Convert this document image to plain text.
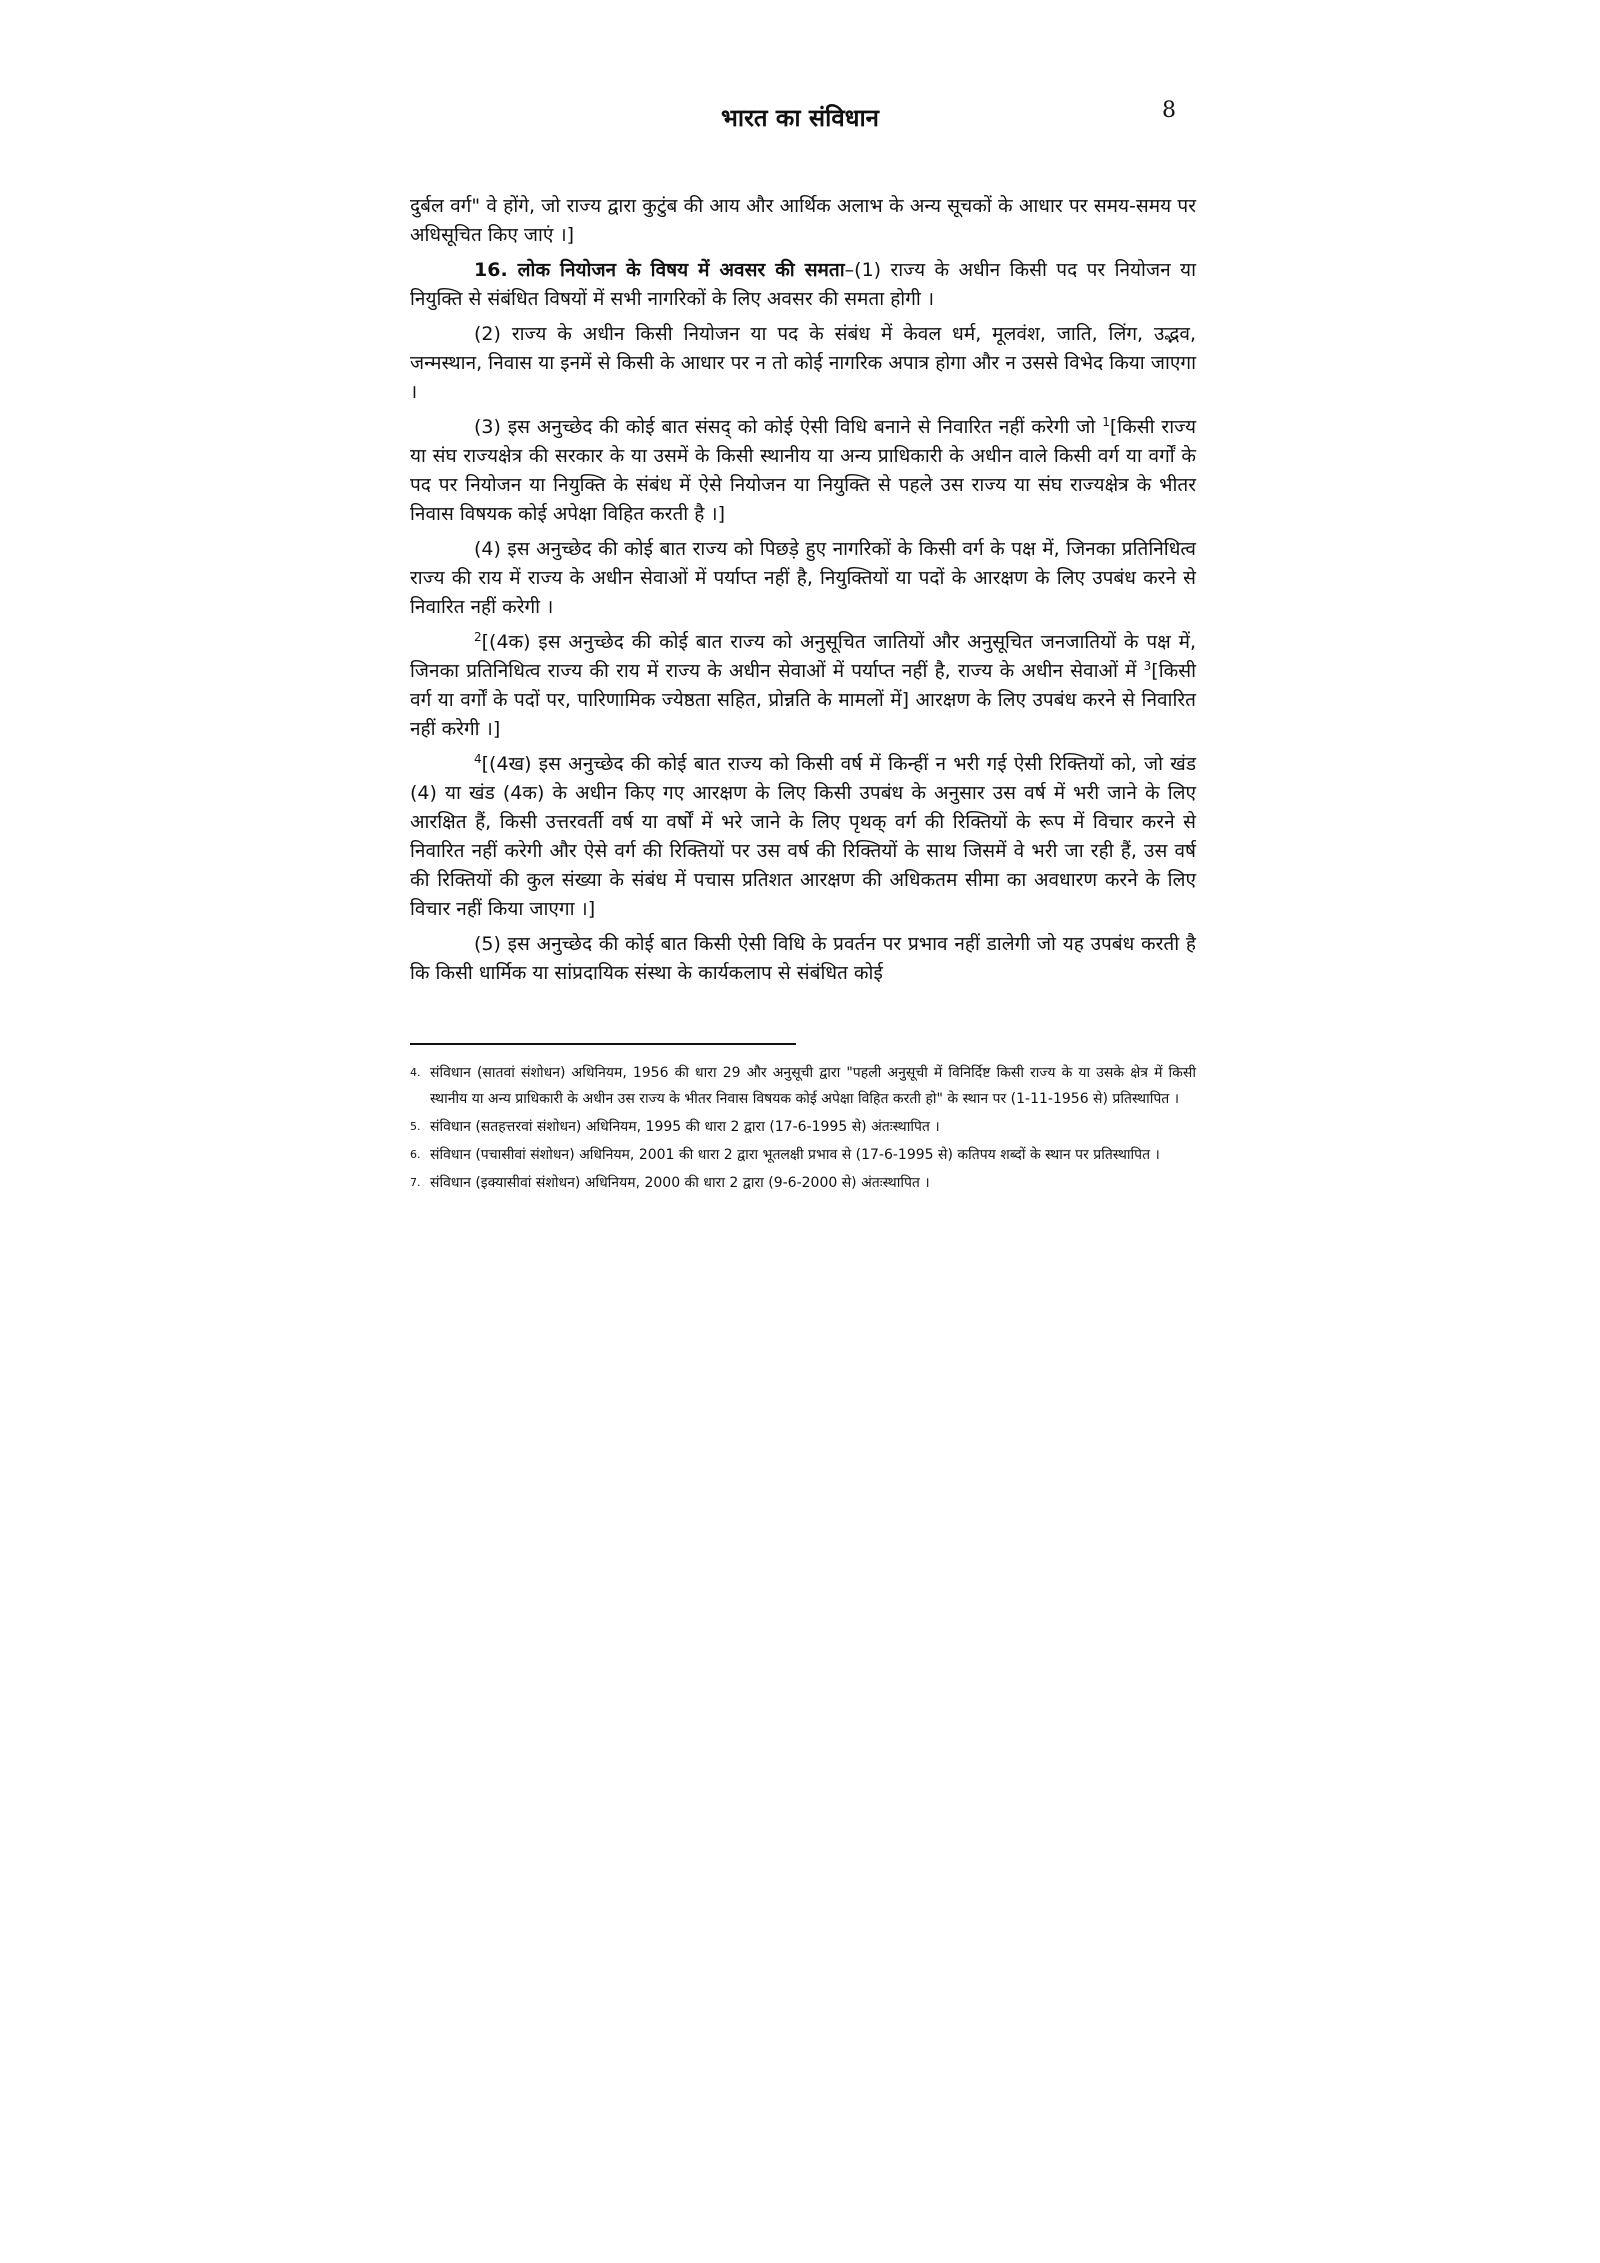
भारत का संविधान	8

दुर्बल वर्ग" वे होंगे, जो राज्य द्वारा कुटुंब की आय और आर्थिक अलाभ के अन्य सूचकों के आधार पर समय-समय पर अधिसूचित किए जाएं ।]

16. लोक नियोजन के विषय में अवसर की समता–(1) राज्य के अधीन किसी पद पर नियोजन या नियुक्ति से संबंधित विषयों में सभी नागरिकों के लिए अवसर की समता होगी ।

(2) राज्य के अधीन किसी नियोजन या पद के संबंध में केवल धर्म, मूलवंश, जाति, लिंग, उद्भव, जन्मस्थान, निवास या इनमें से किसी के आधार पर न तो कोई नागरिक अपात्र होगा और न उससे विभेद किया जाएगा ।

(3) इस अनुच्छेद की कोई बात संसद् को कोई ऐसी विधि बनाने से निवारित नहीं करेगी जो $^1$[किसी राज्य या संघ राज्यक्षेत्र की सरकार के या उसमें के किसी स्थानीय या अन्य प्राधिकारी के अधीन वाले किसी वर्ग या वर्गों के पद पर नियोजन या नियुक्ति के संबंध में ऐसे नियोजन या नियुक्ति से पहले उस राज्य या संघ राज्यक्षेत्र के भीतर निवास विषयक कोई अपेक्षा विहित करती है ।]

(4) इस अनुच्छेद की कोई बात राज्य को पिछड़े हुए नागरिकों के किसी वर्ग के पक्ष में, जिनका प्रतिनिधित्व राज्य की राय में राज्य के अधीन सेवाओं में पर्याप्त नहीं है, नियुक्तियों या पदों के आरक्षण के लिए उपबंध करने से निवारित नहीं करेगी ।

$^2$[(4क) इस अनुच्छेद की कोई बात राज्य को अनुसूचित जातियों और अनुसूचित जनजातियों के पक्ष में, जिनका प्रतिनिधित्व राज्य की राय में राज्य के अधीन सेवाओं में पर्याप्त नहीं है, राज्य के अधीन सेवाओं में $^3$[किसी वर्ग या वर्गों के पदों पर, पारिणामिक ज्येष्ठता सहित, प्रोन्नति के मामलों में] आरक्षण के लिए उपबंध करने से निवारित नहीं करेगी ।]

$^4$[(4ख) इस अनुच्छेद की कोई बात राज्य को किसी वर्ष में किन्हीं न भरी गई ऐसी रिक्तियों को, जो खंड (4) या खंड (4क) के अधीन किए गए आरक्षण के लिए किसी उपबंध के अनुसार उस वर्ष में भरी जाने के लिए आरक्षित हैं, किसी उत्तरवर्ती वर्ष या वर्षों में भरे जाने के लिए पृथक् वर्ग की रिक्तियों के रूप में विचार करने से निवारित नहीं करेगी और ऐसे वर्ग की रिक्तियों पर उस वर्ष की रिक्तियों के साथ जिसमें वे भरी जा रही हैं, उस वर्ष की रिक्तियों की कुल संख्या के संबंध में पचास प्रतिशत आरक्षण की अधिकतम सीमा का अवधारण करने के लिए विचार नहीं किया जाएगा ।]

(5) इस अनुच्छेद की कोई बात किसी ऐसी विधि के प्रवर्तन पर प्रभाव नहीं डालेगी जो यह उपबंध करती है कि किसी धार्मिक या सांप्रदायिक संस्था के कार्यकलाप से संबंधित कोई

4. संविधान (सातवां संशोधन) अधिनियम, 1956 की धारा 29 और अनुसूची द्वारा "पहली अनुसूची में विनिर्दिष्ट किसी राज्य के या उसके क्षेत्र में किसी स्थानीय या अन्य प्राधिकारी के अधीन उस राज्य के भीतर निवास विषयक कोई अपेक्षा विहित करती हो" के स्थान पर (1-11-1956 से) प्रतिस्थापित ।
5. संविधान (सतहत्तरवां संशोधन) अधिनियम, 1995 की धारा 2 द्वारा (17-6-1995 से) अंतःस्थापित ।
6. संविधान (पचासीवां संशोधन) अधिनियम, 2001 की धारा 2 द्वारा भूतलक्षी प्रभाव से (17-6-1995 से) कतिपय शब्दों के स्थान पर प्रतिस्थापित ।
7. संविधान (इक्यासीवां संशोधन) अधिनियम, 2000 की धारा 2 द्वारा (9-6-2000 से) अंतःस्थापित ।
